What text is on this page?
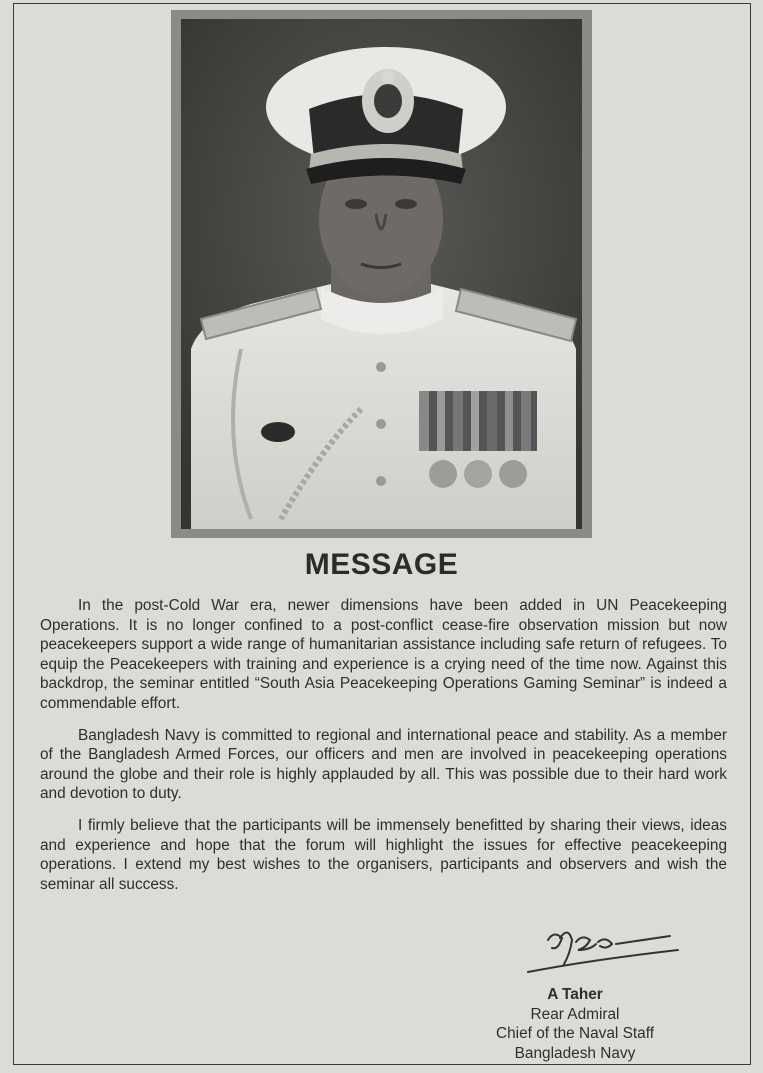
MESSAGE

In the post-Cold War era, newer dimensions have been added in UN Peacekeeping Operations. It is no longer confined to a post-conflict cease-fire observation mission but now peacekeepers support a wide range of humanitarian assistance including safe return of refugees. To equip the Peacekeepers with training and experience is a crying need of the time now. Against this backdrop, the seminar entitled “South Asia Peacekeeping Operations Gaming Seminar” is indeed a commendable effort.

Bangladesh Navy is committed to regional and international peace and stability. As a member of the Bangladesh Armed Forces, our officers and men are involved in peacekeeping operations around the globe and their role is highly applauded by all. This was possible due to their hard work and devotion to duty.

I firmly believe that the participants will be immensely benefitted by sharing their views, ideas and experience and hope that the forum will highlight the issues for effective peacekeeping operations. I extend my best wishes to the organisers, participants and observers and wish the seminar all success.

A Taher
Rear Admiral
Chief of the Naval Staff
Bangladesh Navy
